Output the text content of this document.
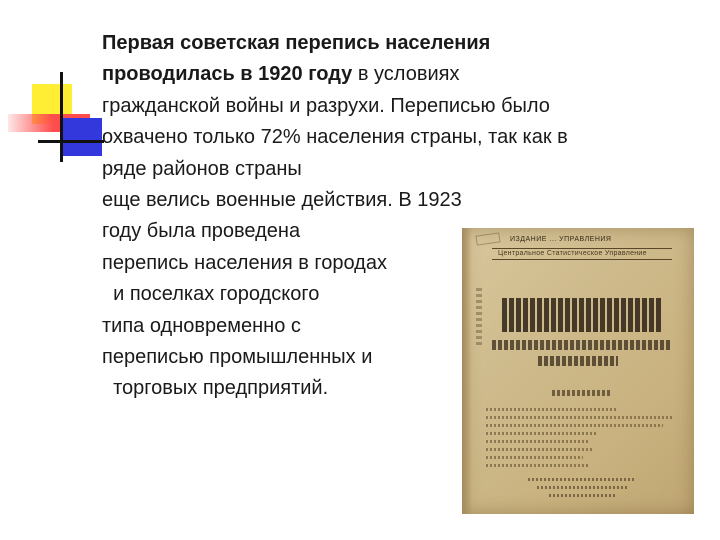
Первая советская перепись населения
проводилась в 1920 году в условиях
гражданской войны и разрухи. Переписью было
охвачено только 72% населения страны, так как в
ряде районов страны
еще велись военные действия. В 1923
году была проведена
перепись населения в городах
и поселках городского
типа одновременно с
переписью промышленных и
торговых предприятий.
ИЗДАНИЕ ... УПРАВЛЕНИЯ
Центральное Статистическое Управление
